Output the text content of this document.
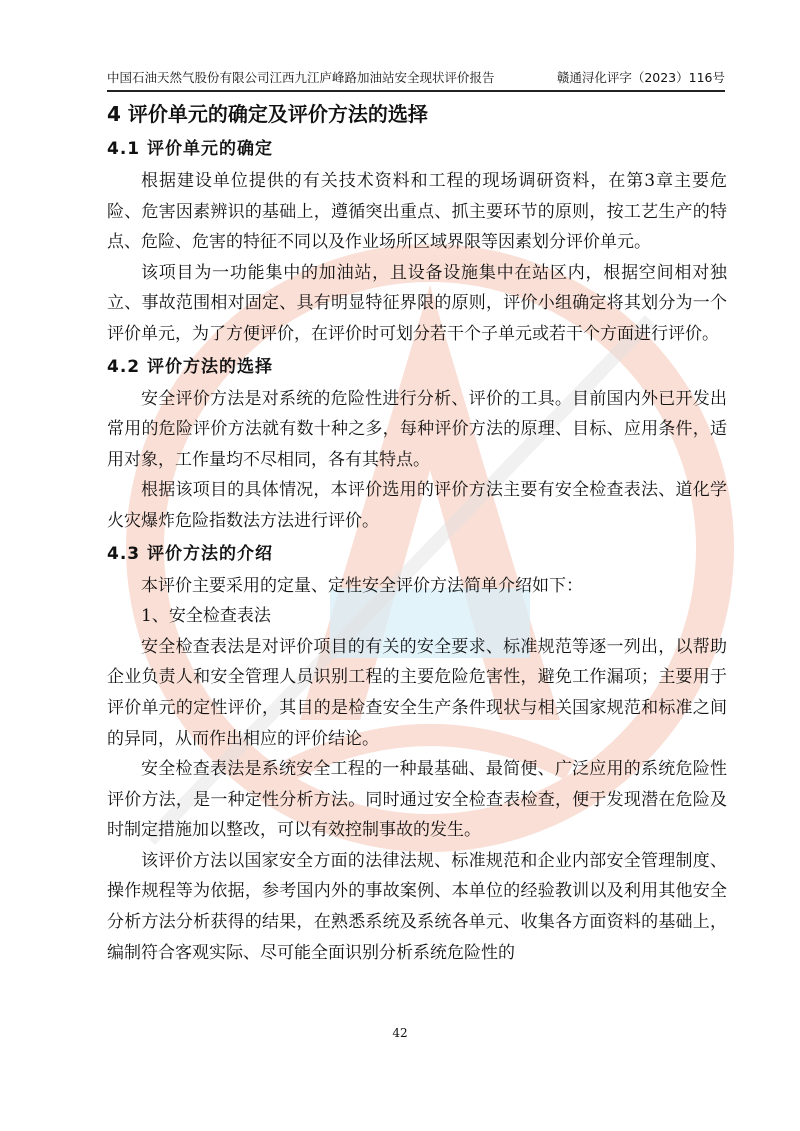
中国石油天然气股份有限公司江西九江庐峰路加油站安全现状评价报告	赣通浔化评字（2023）116号

4 评价单元的确定及评价方法的选择

4.1 评价单元的确定

根据建设单位提供的有关技术资料和工程的现场调研资料，在第3章主要危险、危害因素辨识的基础上，遵循突出重点、抓主要环节的原则，按工艺生产的特点、危险、危害的特征不同以及作业场所区域界限等因素划分评价单元。

该项目为一功能集中的加油站，且设备设施集中在站区内，根据空间相对独立、事故范围相对固定、具有明显特征界限的原则，评价小组确定将其划分为一个评价单元，为了方便评价，在评价时可划分若干个子单元或若干个方面进行评价。

4.2 评价方法的选择

安全评价方法是对系统的危险性进行分析、评价的工具。目前国内外已开发出常用的危险评价方法就有数十种之多，每种评价方法的原理、目标、应用条件，适用对象，工作量均不尽相同，各有其特点。

根据该项目的具体情况，本评价选用的评价方法主要有安全检查表法、道化学火灾爆炸危险指数法方法进行评价。

4.3 评价方法的介绍

本评价主要采用的定量、定性安全评价方法简单介绍如下：

1、安全检查表法

安全检查表法是对评价项目的有关的安全要求、标准规范等逐一列出，以帮助企业负责人和安全管理人员识别工程的主要危险危害性，避免工作漏项；主要用于评价单元的定性评价，其目的是检查安全生产条件现状与相关国家规范和标准之间的异同，从而作出相应的评价结论。

安全检查表法是系统安全工程的一种最基础、最简便、广泛应用的系统危险性评价方法，是一种定性分析方法。同时通过安全检查表检查，便于发现潜在危险及时制定措施加以整改，可以有效控制事故的发生。

该评价方法以国家安全方面的法律法规、标准规范和企业内部安全管理制度、操作规程等为依据，参考国内外的事故案例、本单位的经验教训以及利用其他安全分析方法分析获得的结果，在熟悉系统及系统各单元、收集各方面资料的基础上，编制符合客观实际、尽可能全面识别分析系统危险性的

42
